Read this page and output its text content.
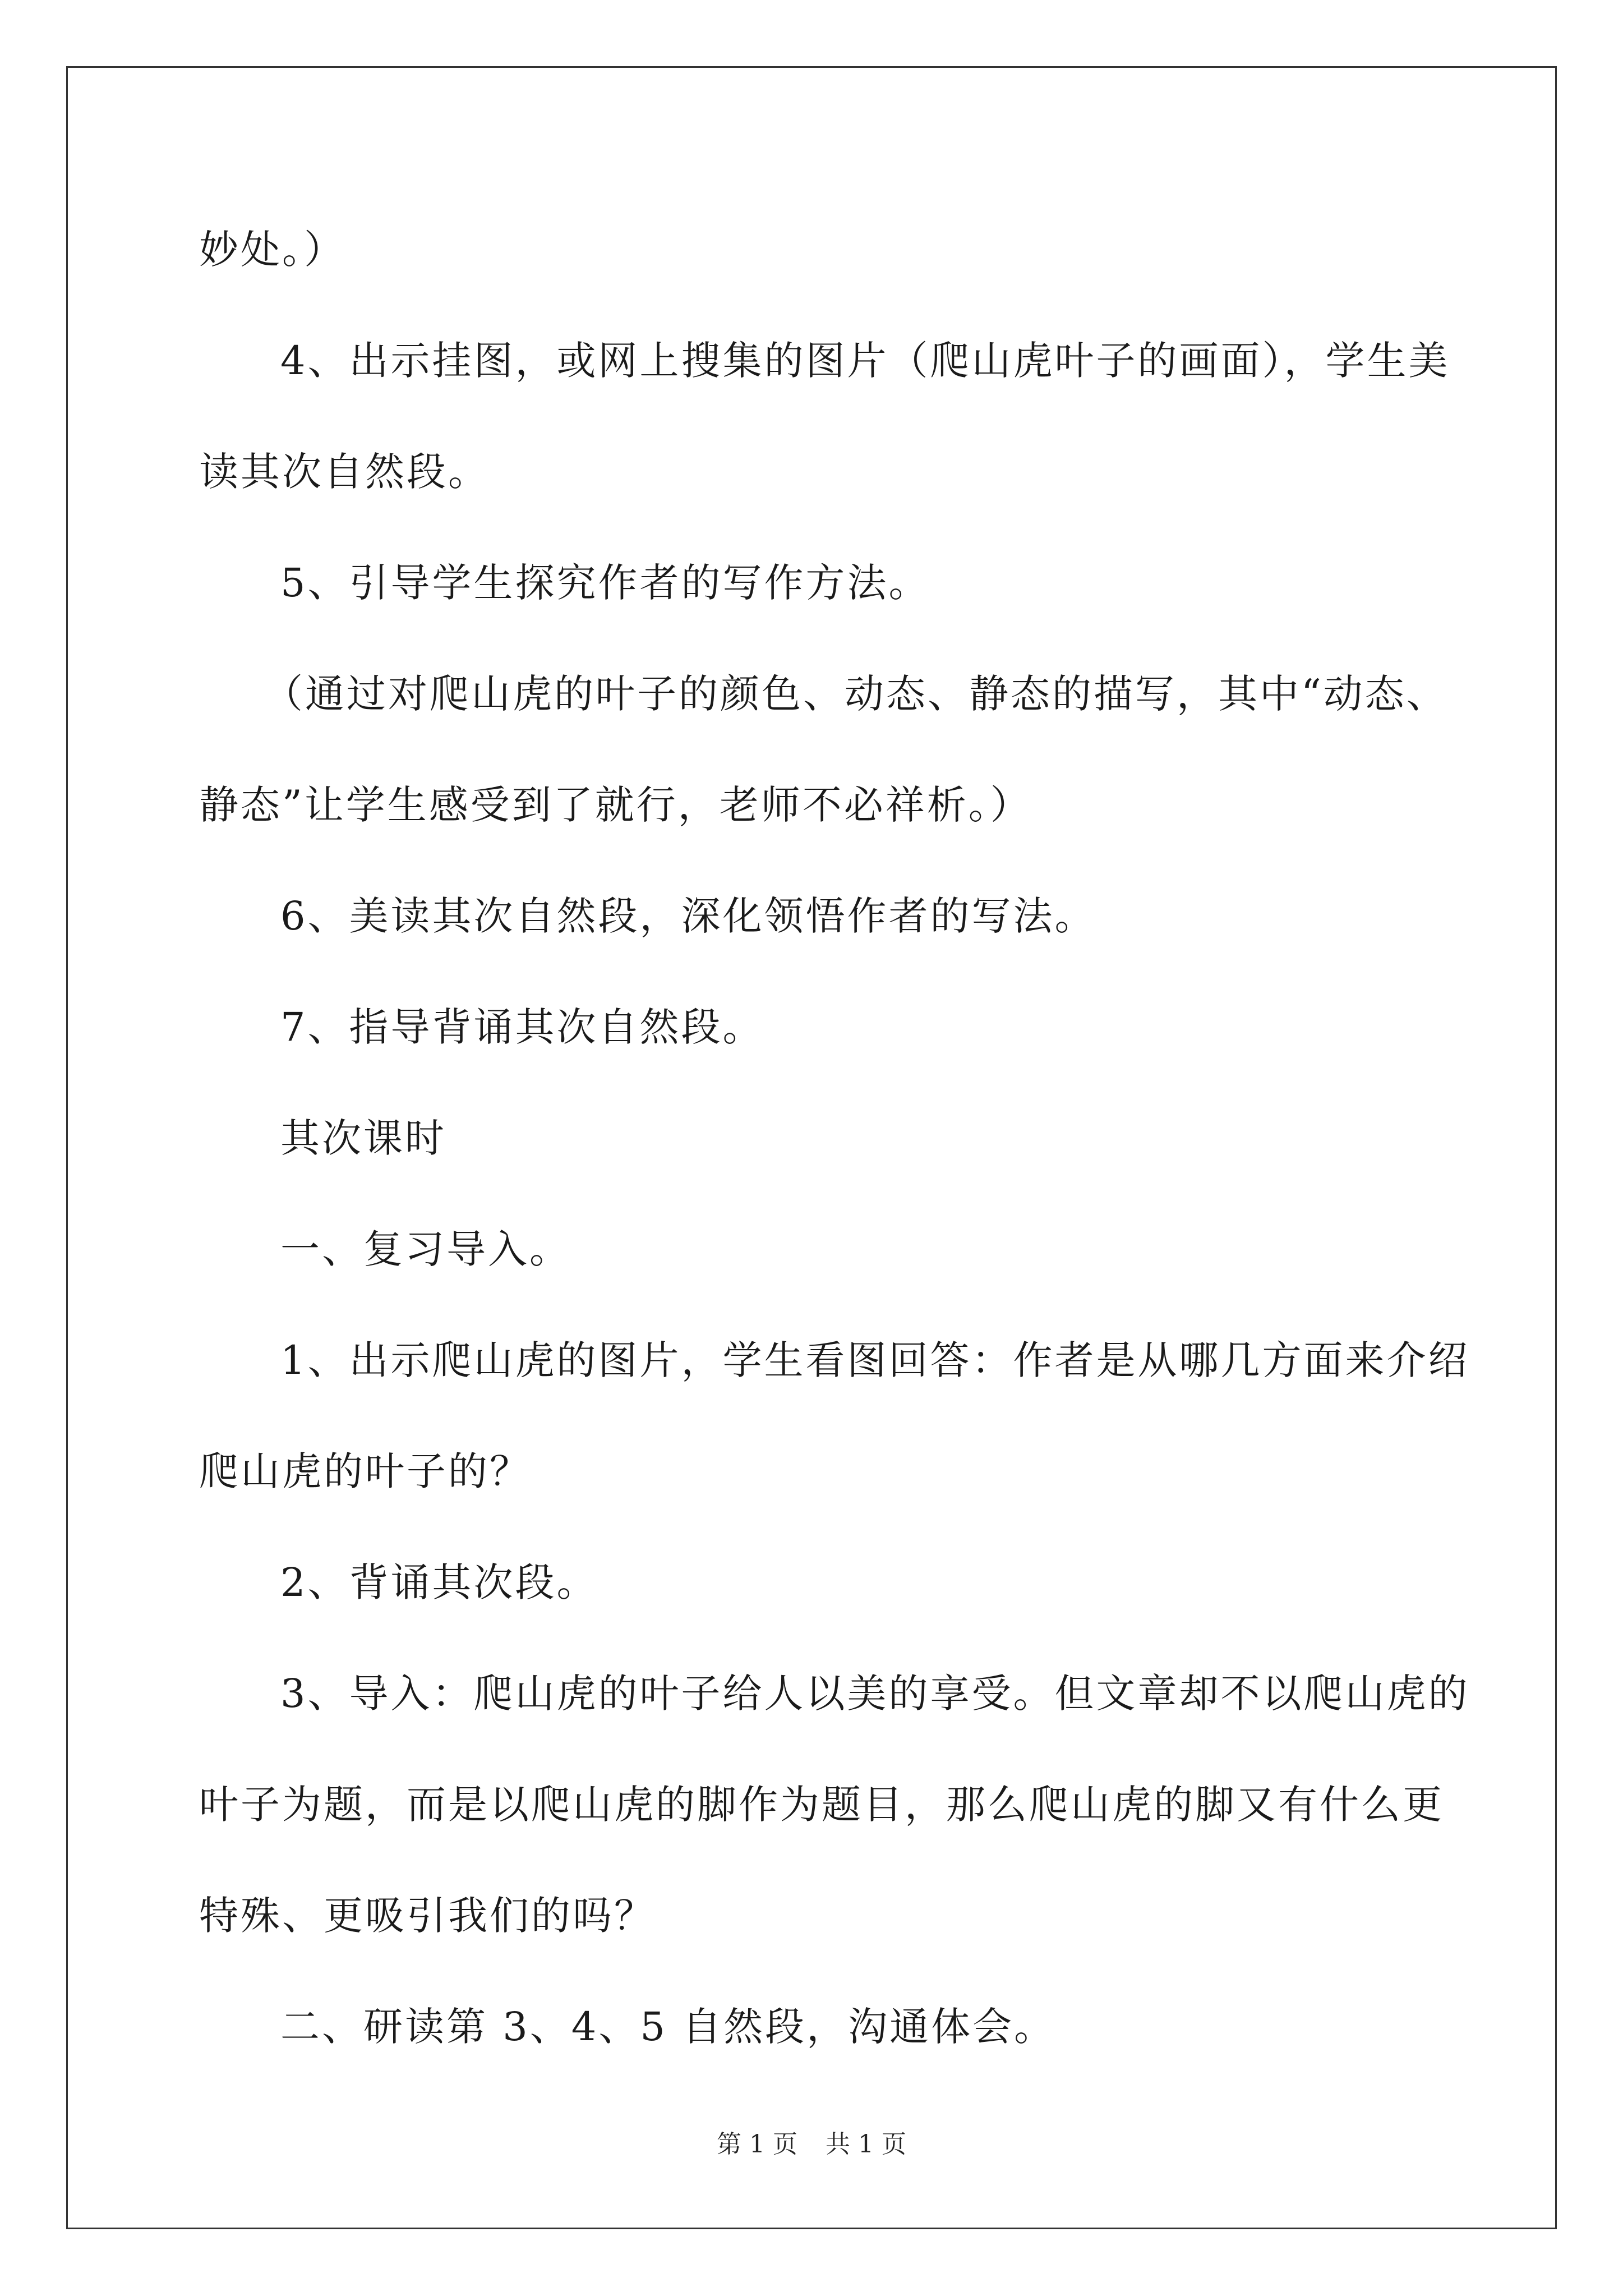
妙处。）
4、出示挂图，或网上搜集的图片（爬山虎叶子的画面），学生美
读其次自然段。
5、引导学生探究作者的写作方法。
（通过对爬山虎的叶子的颜色、动态、静态的描写，其中“动态、
静态”让学生感受到了就行，老师不必祥析。）
6、美读其次自然段，深化领悟作者的写法。
7、指导背诵其次自然段。
其次课时
一、复习导入。
1、出示爬山虎的图片，学生看图回答：作者是从哪几方面来介绍
爬山虎的叶子的？
2、背诵其次段。
3、导入：爬山虎的叶子给人以美的享受。但文章却不以爬山虎的
叶子为题，而是以爬山虎的脚作为题目，那么爬山虎的脚又有什么更
特殊、更吸引我们的吗？
二、研读第 3、4、5 自然段，沟通体会。
第 1 页 共 1 页
